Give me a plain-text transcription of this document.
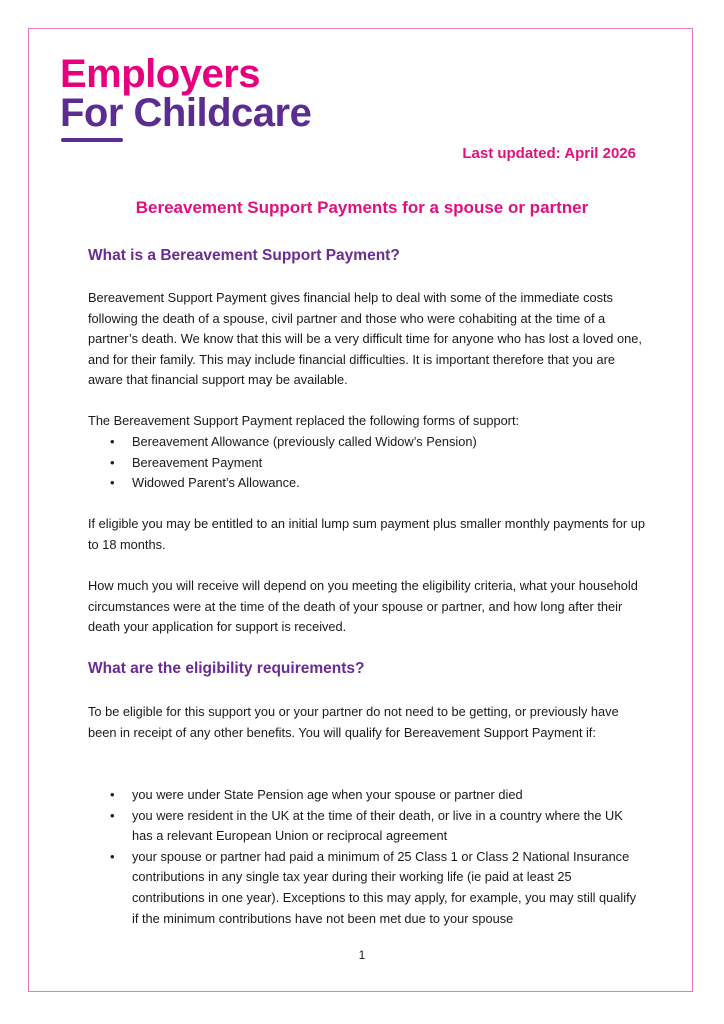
Employers
For Childcare
Last updated: April 2026
Bereavement Support Payments for a spouse or partner
What is a Bereavement Support Payment?

Bereavement Support Payment gives financial help to deal with some of the immediate costs following the death of a spouse, civil partner and those who were cohabiting at the time of a partner’s death. We know that this will be a very difficult time for anyone who has lost a loved one, and for their family. This may include financial difficulties. It is important therefore that you are aware that financial support may be available.

The Bereavement Support Payment replaced the following forms of support:

• Bereavement Allowance (previously called Widow’s Pension)
• Bereavement Payment
• Widowed Parent’s Allowance.

If eligible you may be entitled to an initial lump sum payment plus smaller monthly payments for up to 18 months.

How much you will receive will depend on you meeting the eligibility criteria, what your household circumstances were at the time of the death of your spouse or partner, and how long after their death your application for support is received.

What are the eligibility requirements?

To be eligible for this support you or your partner do not need to be getting, or previously have been in receipt of any other benefits. You will qualify for Bereavement Support Payment if:

• you were under State Pension age when your spouse or partner died
• you were resident in the UK at the time of their death, or live in a country where the UK has a relevant European Union or reciprocal agreement
• your spouse or partner had paid a minimum of 25 Class 1 or Class 2 National Insurance contributions in any single tax year during their working life (ie paid at least 25 contributions in one year). Exceptions to this may apply, for example, you may still qualify if the minimum contributions have not been met due to your spouse
1
